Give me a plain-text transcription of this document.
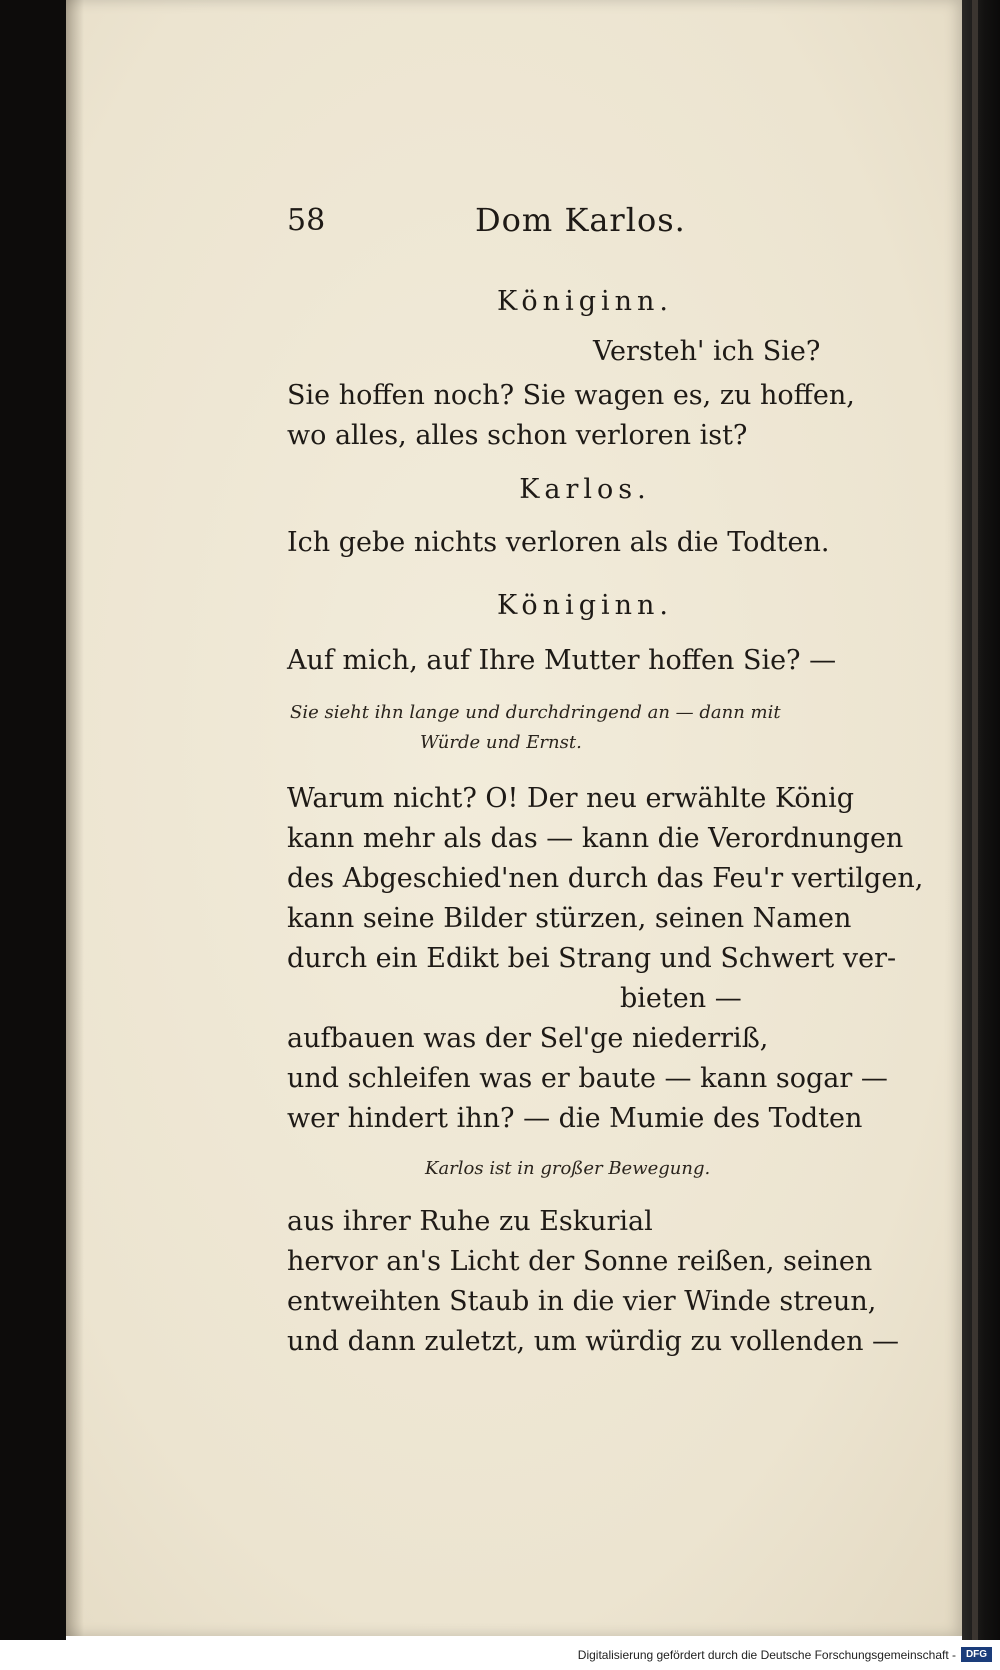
58	Dom Karlos.
Königinn.
Versteh' ich Sie?
Sie hoffen noch? Sie wagen es, zu hoffen,
wo alles, alles schon verloren ist?
Karlos.
Ich gebe nichts verloren als die Todten.
Königinn.
Auf mich, auf Ihre Mutter hoffen Sie? —
Sie sieht ihn lange und durchdringend an — dann mit
Würde und Ernst.
Warum nicht? O! Der neu erwählte König
kann mehr als das — kann die Verordnungen
des Abgeschied'nen durch das Feu'r vertilgen,
kann seine Bilder stürzen, seinen Namen
durch ein Edikt bei Strang und Schwert ver-
bieten —
aufbauen was der Sel'ge niederriß,
und schleifen was er baute — kann sogar —
wer hindert ihn? — die Mumie des Todten
Karlos ist in großer Bewegung.
aus ihrer Ruhe zu Eskurial
hervor an's Licht der Sonne reißen, seinen
entweihten Staub in die vier Winde streun,
und dann zuletzt, um würdig zu vollenden —
Digitalisierung gefördert durch die Deutsche Forschungsgemeinschaft - DFG
